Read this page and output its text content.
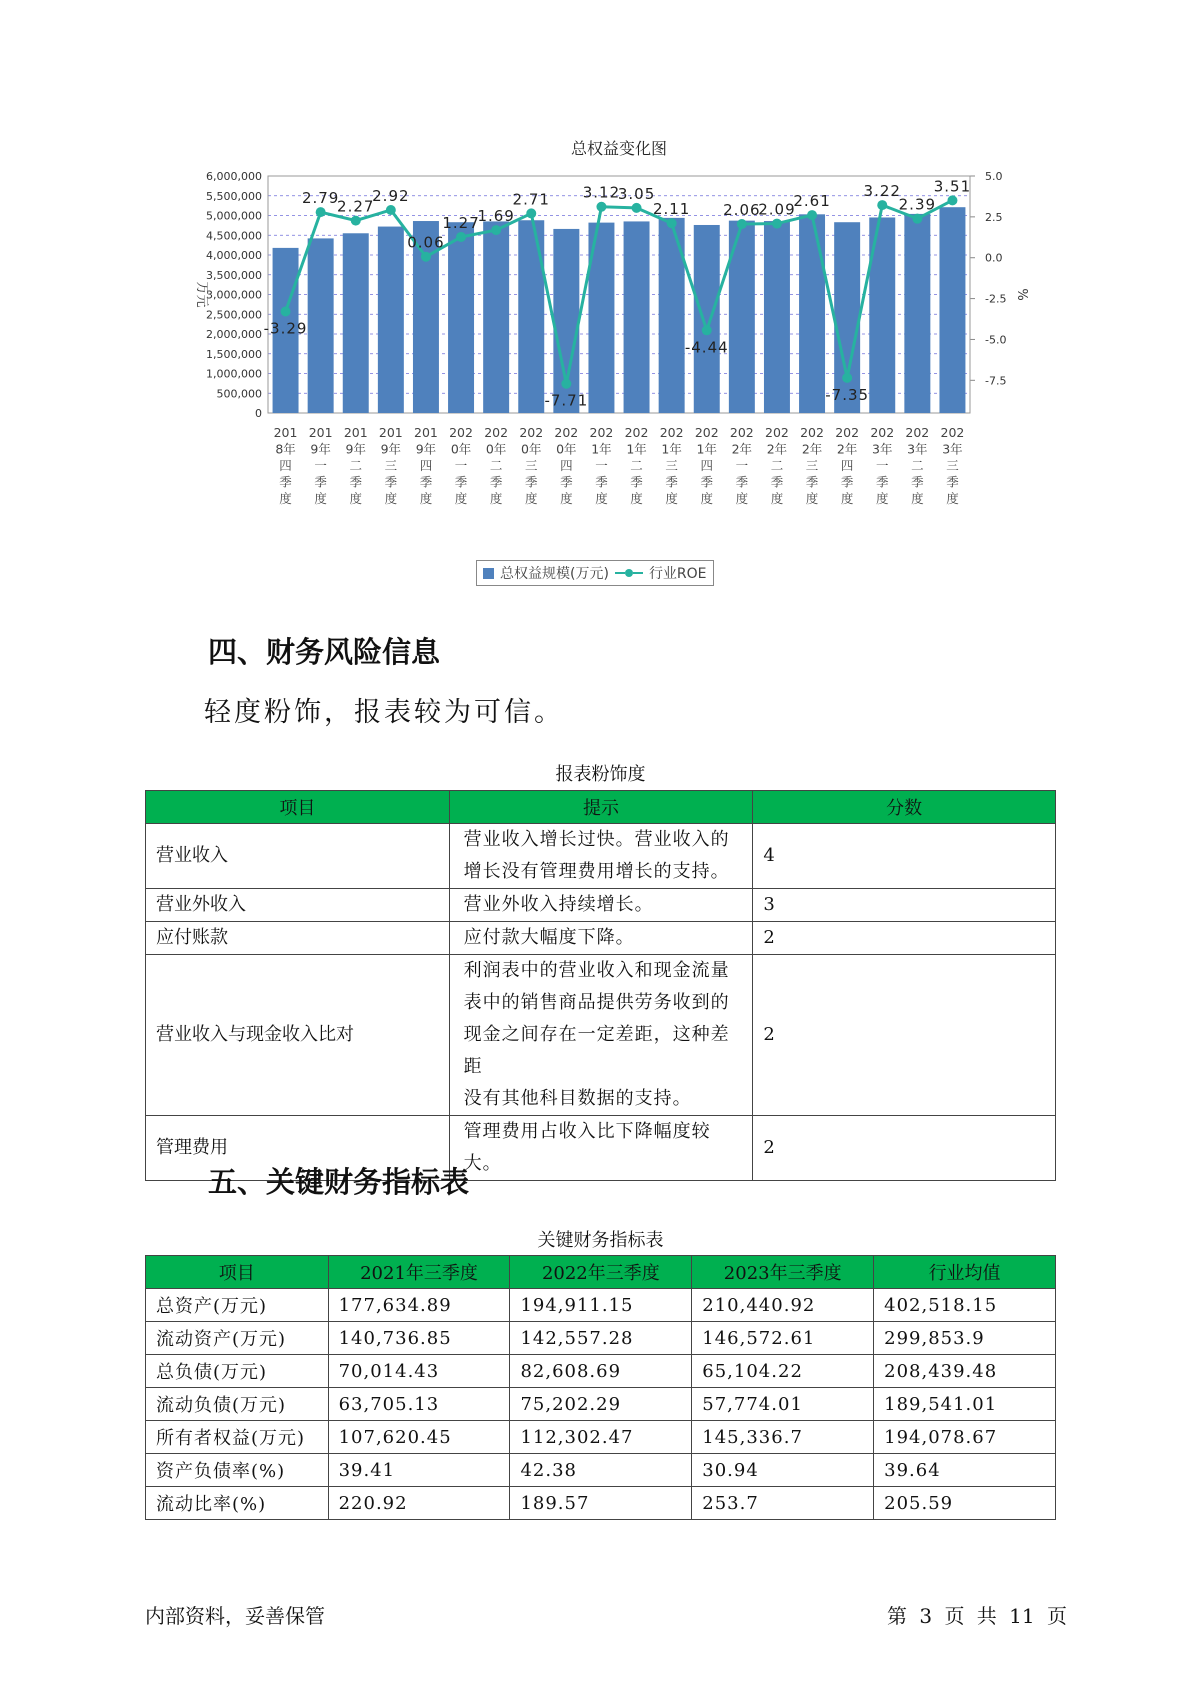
总权益变化图
6,000,000
5,500,000
5,000,000
4,500,000
4,000,000
3,500,000
3,000,000
2,500,000
2,000,000
1,500,000
1,000,000
500,000
0
5.0
2.5
0.0
-2.5
-5.0
-7.5
万元	%
201
8年
四
季
度
201
9年
一
季
度
201
9年
二
季
度
201
9年
三
季
度
201
9年
四
季
度
202
0年
一
季
度
202
0年
二
季
度
202
0年
三
季
度
202
0年
四
季
度
202
1年
一
季
度
202
1年
二
季
度
202
1年
三
季
度
202
1年
四
季
度
202
2年
一
季
度
202
2年
二
季
度
202
2年
三
季
度
202
2年
四
季
度
202
3年
一
季
度
202
3年
二
季
度
202
3年
三
季
度
-3.29
2.79
2.27
2.92
0.06
1.27
1.69
2.71
-7.71
3.12
3.05
2.11
-4.44
2.06
2.09
2.61
-7.35
3.22
2.39
3.51
总权益规模(万元)	行业ROE
四、财务风险信息
轻度粉饰，报表较为可信。
报表粉饰度
项目	提示	分数
营业收入	营业收入增长过快。营业收入的
增长没有管理费用增长的支持。	4
营业外收入	营业外收入持续增长。	3
应付账款	应付款大幅度下降。	2
营业收入与现金收入比对	利润表中的营业收入和现金流量
表中的销售商品提供劳务收到的
现金之间存在一定差距，这种差距
没有其他科目数据的支持。	2
管理费用	管理费用占收入比下降幅度较大。	2
五、关键财务指标表
关键财务指标表
项目	2021年三季度	2022年三季度	2023年三季度	行业均值
总资产(万元)	177,634.89	194,911.15	210,440.92	402,518.15
流动资产(万元)	140,736.85	142,557.28	146,572.61	299,853.9
总负债(万元)	70,014.43	82,608.69	65,104.22	208,439.48
流动负债(万元)	63,705.13	75,202.29	57,774.01	189,541.01
所有者权益(万元)	107,620.45	112,302.47	145,336.7	194,078.67
资产负债率(%)	39.41	42.38	30.94	39.64
流动比率(%)	220.92	189.57	253.7	205.59
内部资料，妥善保管	第 3 页 共 11 页
